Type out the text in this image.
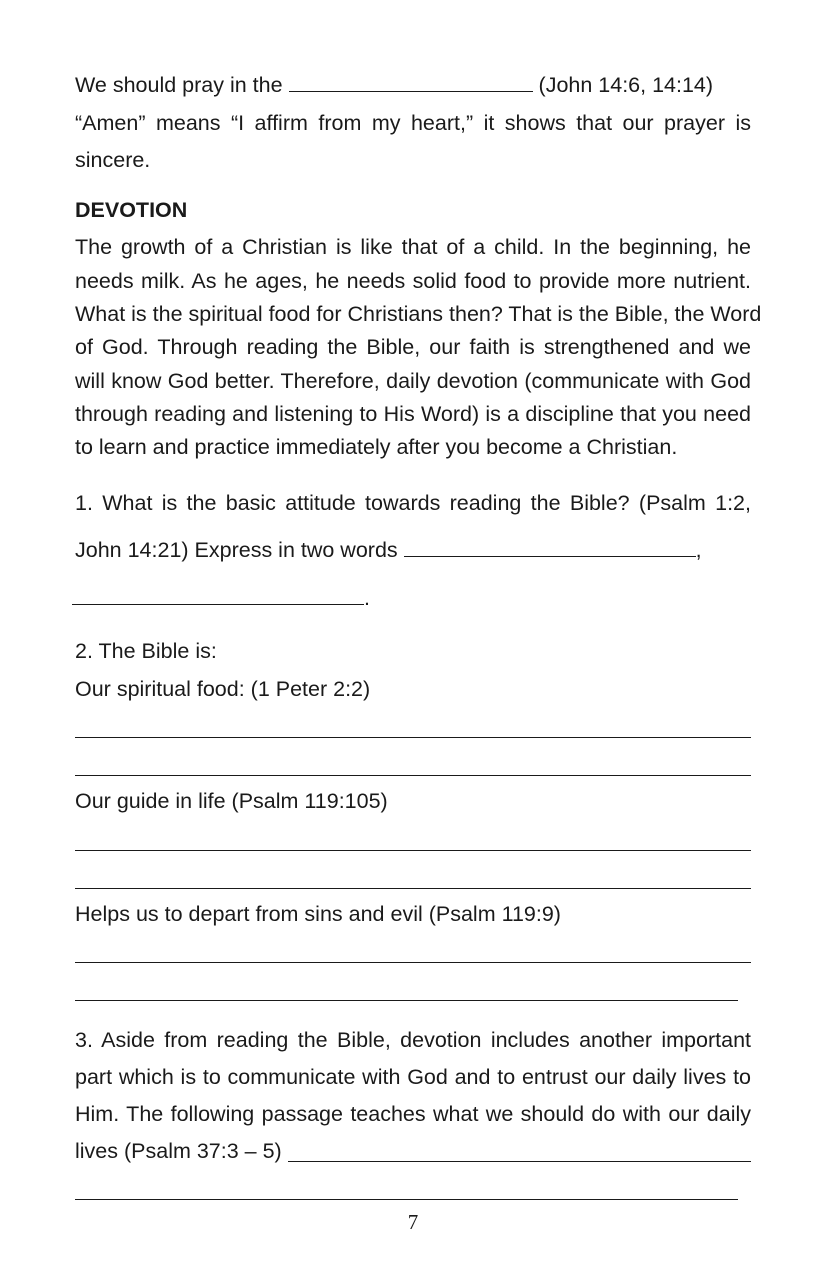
We should pray in the	(John 14:6, 14:14)
“Amen” means “I affirm from my heart,” it shows that our prayer is
sincere.
DEVOTION
The growth of a Christian is like that of a child. In the beginning, he
needs milk. As he ages, he needs solid food to provide more nutrient.
What is the spiritual food for Christians then? That is the Bible, the Word
of God. Through reading the Bible, our faith is strengthened and we
will know God better. Therefore, daily devotion (communicate with God
through reading and listening to His Word) is a discipline that you need
to learn and practice immediately after you become a Christian.
1. What is the basic attitude towards reading the Bible? (Psalm 1:2,
John 14:21) Express in two words	,
.
2. The Bible is:
Our spiritual food: (1 Peter 2:2)
Our guide in life (Psalm 119:105)
Helps us to depart from sins and evil (Psalm 119:9)
3. Aside from reading the Bible, devotion includes another important
part which is to communicate with God and to entrust our daily lives to
Him. The following passage teaches what we should do with our daily
lives (Psalm 37:3 – 5)
7
